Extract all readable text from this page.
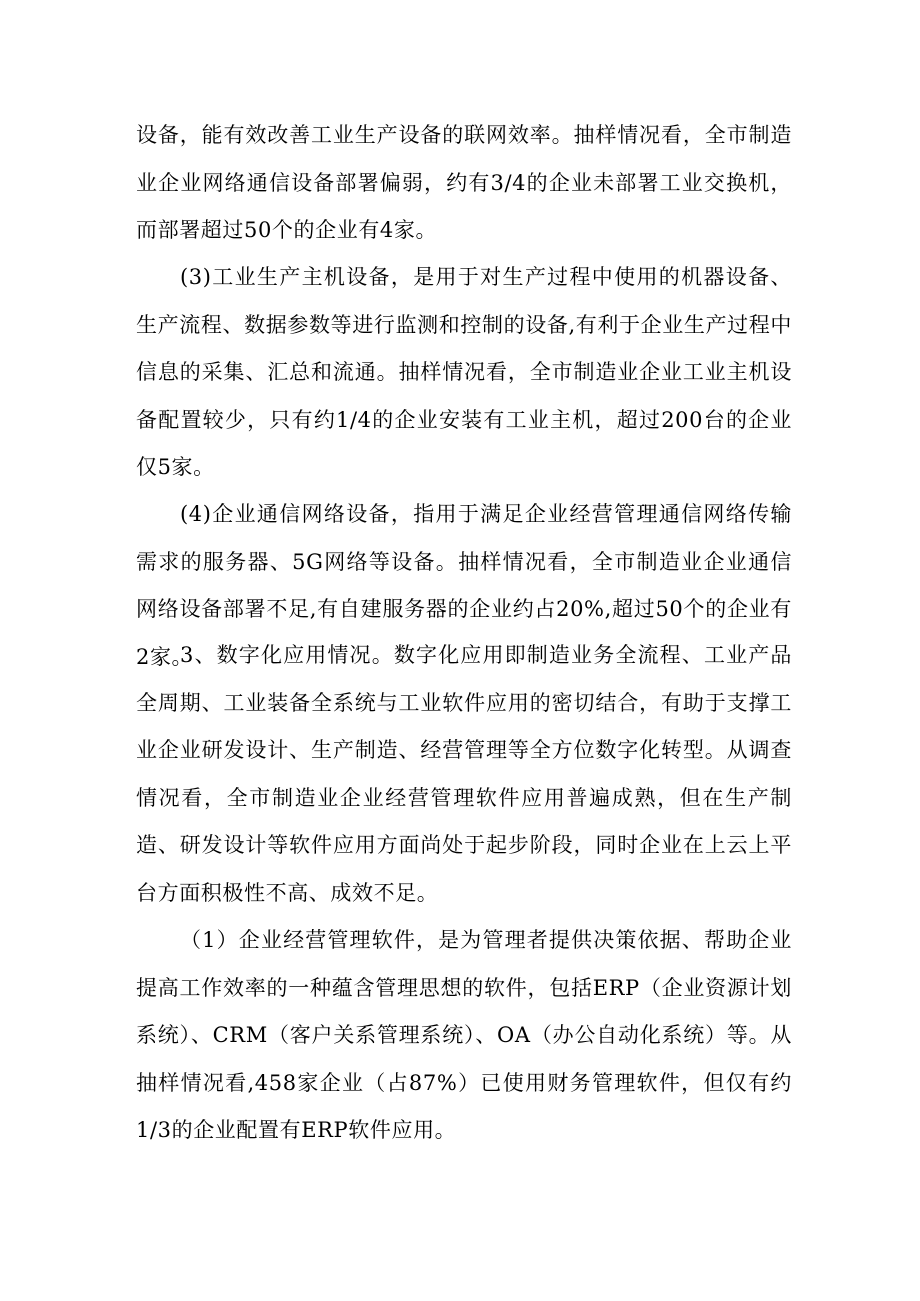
设备，能有效改善工业生产设备的联网效率。抽样情况看，全市制造业企业网络通信设备部署偏弱，约有3/4的企业未部署工业交换机，而部署超过50个的企业有4家。

(3)工业生产主机设备，是用于对生产过程中使用的机器设备、生产流程、数据参数等进行监测和控制的设备,有利于企业生产过程中信息的采集、汇总和流通。抽样情况看，全市制造业企业工业主机设备配置较少，只有约1/4的企业安装有工业主机，超过200台的企业仅5家。

(4)企业通信网络设备，指用于满足企业经营管理通信网络传输需求的服务器、5G网络等设备。抽样情况看，全市制造业企业通信网络设备部署不足,有自建服务器的企业约占20%,超过50个的企业有2家。

3、数字化应用情况。数字化应用即制造业务全流程、工业产品全周期、工业装备全系统与工业软件应用的密切结合，有助于支撑工业企业研发设计、生产制造、经营管理等全方位数字化转型。从调查情况看，全市制造业企业经营管理软件应用普遍成熟，但在生产制造、研发设计等软件应用方面尚处于起步阶段，同时企业在上云上平台方面积极性不高、成效不足。

（1）企业经营管理软件，是为管理者提供决策依据、帮助企业提高工作效率的一种蕴含管理思想的软件，包括ERP（企业资源计划系统）、CRM（客户关系管理系统）、OA（办公自动化系统）等。从抽样情况看,458家企业（占87%）已使用财务管理软件，但仅有约1/3的企业配置有ERP软件应用。
